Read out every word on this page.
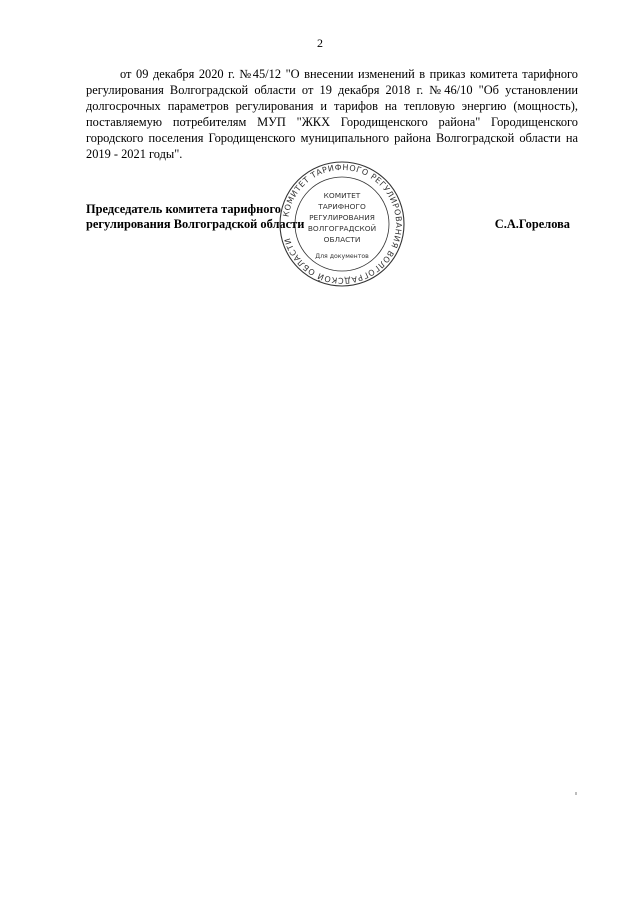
2

от 09 декабря 2020 г. №45/12 "О внесении изменений в приказ комитета тарифного регулирования Волгоградской области от 19 декабря 2018 г. №46/10 "Об установлении долгосрочных параметров регулирования и тарифов на тепловую энергию (мощность), поставляемую потребителям МУП "ЖКХ Городищенского района" Городищенского городского поселения Городищенского муниципального района Волгоградской области на 2019 - 2021 годы".

Председатель комитета тарифного
регулирования Волгоградской области	С.А.Горелова
КОМИТЕТ ТАРИФНОГО РЕГУЛИРОВАНИЯ ВОЛГОГРАДСКОЙ ОБЛАСТИ
КОМИТЕТ
ТАРИФНОГО
РЕГУЛИРОВАНИЯ
ВОЛГОГРАДСКОЙ
ОБЛАСТИ
Для документов
